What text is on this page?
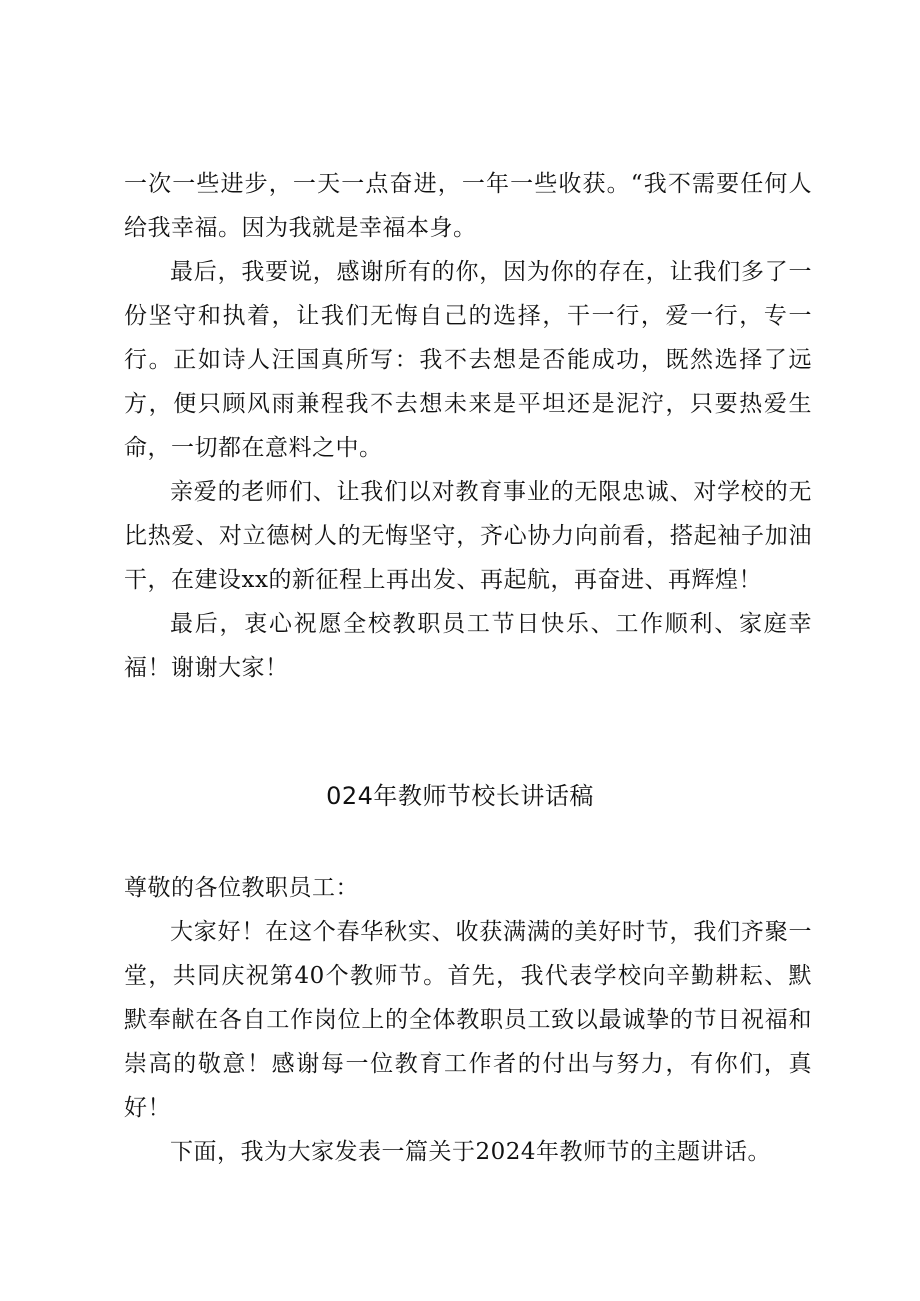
一次一些进步，一天一点奋进，一年一些收获。“我不需要任何人给我幸福。因为我就是幸福本身。

最后，我要说，感谢所有的你，因为你的存在，让我们多了一份坚守和执着，让我们无悔自己的选择，干一行，爱一行，专一行。正如诗人汪国真所写：我不去想是否能成功，既然选择了远方，便只顾风雨兼程我不去想未来是平坦还是泥泞，只要热爱生命，一切都在意料之中。

亲爱的老师们、让我们以对教育事业的无限忠诚、对学校的无比热爱、对立德树人的无悔坚守，齐心协力向前看，搭起袖子加油干，在建设xx的新征程上再出发、再起航，再奋进、再辉煌！

最后，衷心祝愿全校教职员工节日快乐、工作顺利、家庭幸福！谢谢大家！

024年教师节校长讲话稿

尊敬的各位教职员工：

大家好！在这个春华秋实、收获满满的美好时节，我们齐聚一堂，共同庆祝第40个教师节。首先，我代表学校向辛勤耕耘、默默奉献在各自工作岗位上的全体教职员工致以最诚挚的节日祝福和崇高的敬意！感谢每一位教育工作者的付出与努力，有你们，真好！

下面，我为大家发表一篇关于2024年教师节的主题讲话。
